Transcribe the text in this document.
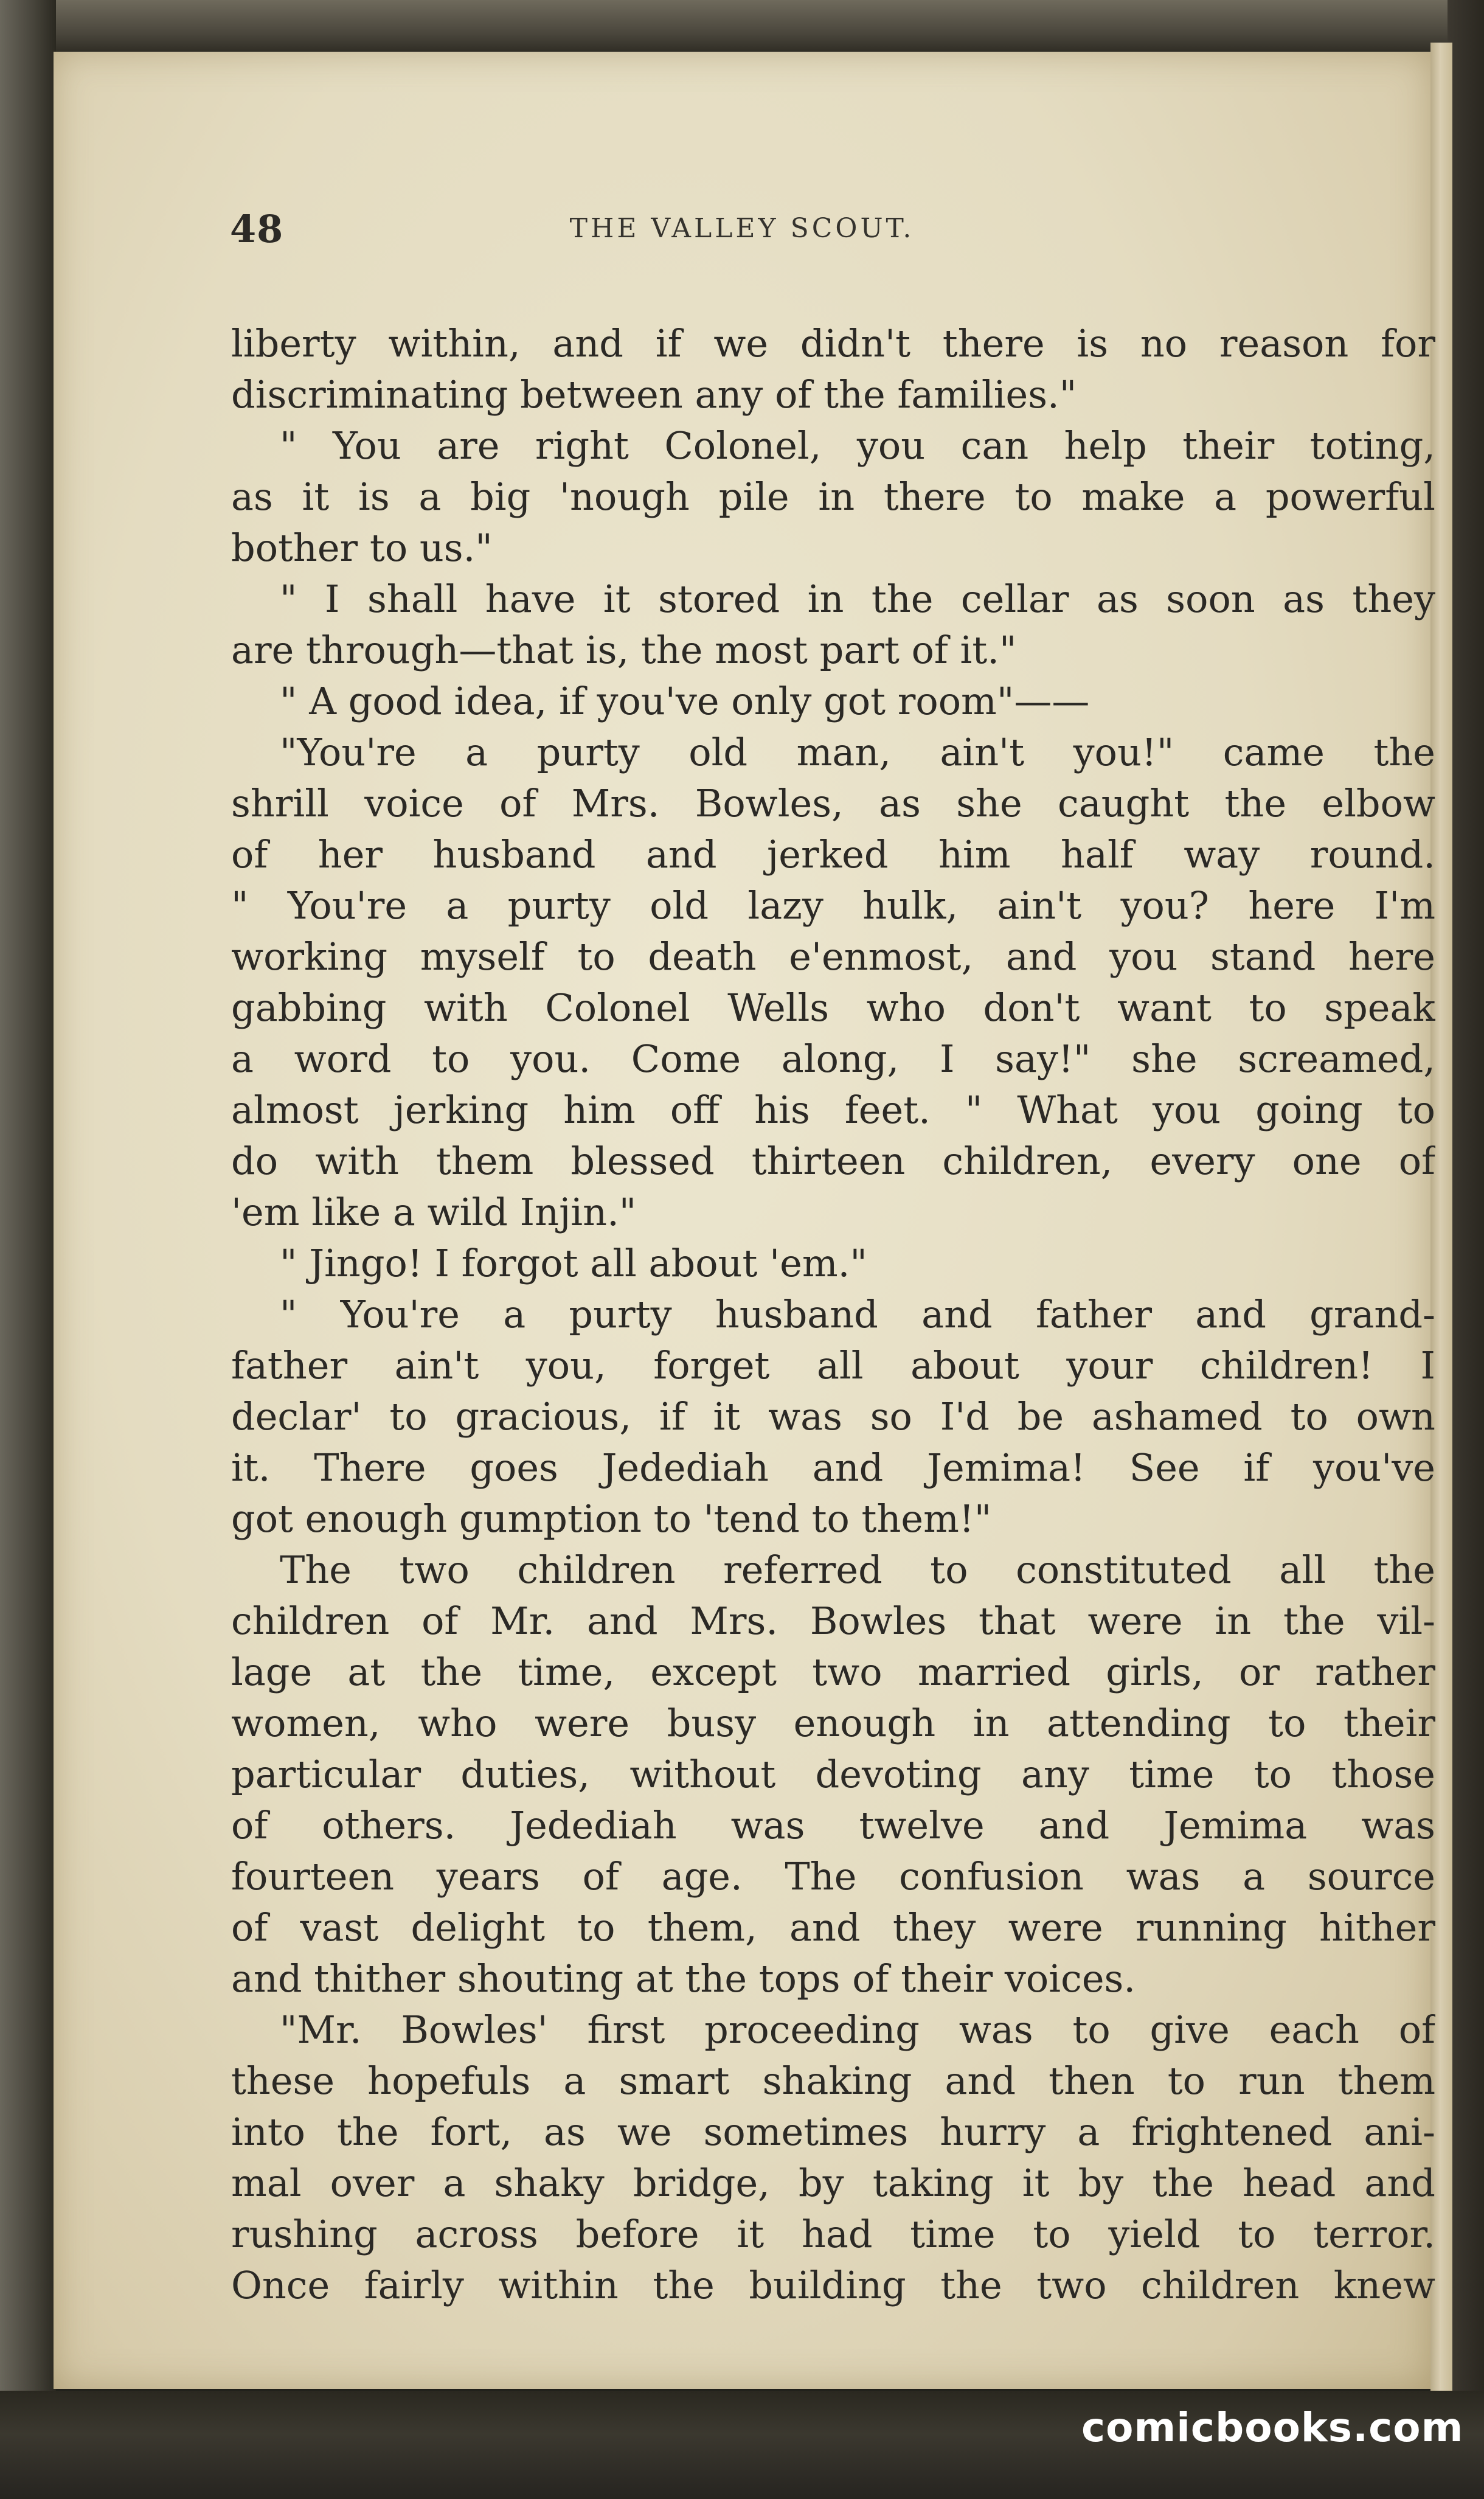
48	THE VALLEY SCOUT.

liberty within, and if we didn't there is no reason for

discriminating between any of the families."

" You are right Colonel, you can help their toting,

as it is a big 'nough pile in there to make a powerful

bother to us."

" I shall have it stored in the cellar as soon as they

are through—that is, the most part of it."

" A good idea, if you've only got room"——

"You're a purty old man, ain't you!" came the

shrill voice of Mrs. Bowles, as she caught the elbow

of her husband and jerked him half way round.

" You're a purty old lazy hulk, ain't you? here I'm

working myself to death e'enmost, and you stand here

gabbing with Colonel Wells who don't want to speak

a word to you. Come along, I say!" she screamed,

almost jerking him off his feet. " What you going to

do with them blessed thirteen children, every one of

'em like a wild Injin."

" Jingo! I forgot all about 'em."

" You're a purty husband and father and grand-

father ain't you, forget all about your children! I

declar' to gracious, if it was so I'd be ashamed to own

it. There goes Jedediah and Jemima! See if you've

got enough gumption to 'tend to them!"

The two children referred to constituted all the

children of Mr. and Mrs. Bowles that were in the vil-

lage at the time, except two married girls, or rather

women, who were busy enough in attending to their

particular duties, without devoting any time to those

of others. Jedediah was twelve and Jemima was

fourteen years of age. The confusion was a source

of vast delight to them, and they were running hither

and thither shouting at the tops of their voices.

"Mr. Bowles' first proceeding was to give each of

these hopefuls a smart shaking and then to run them

into the fort, as we sometimes hurry a frightened ani-

mal over a shaky bridge, by taking it by the head and

rushing across before it had time to yield to terror.

Once fairly within the building the two children knew

comicbooks.com
